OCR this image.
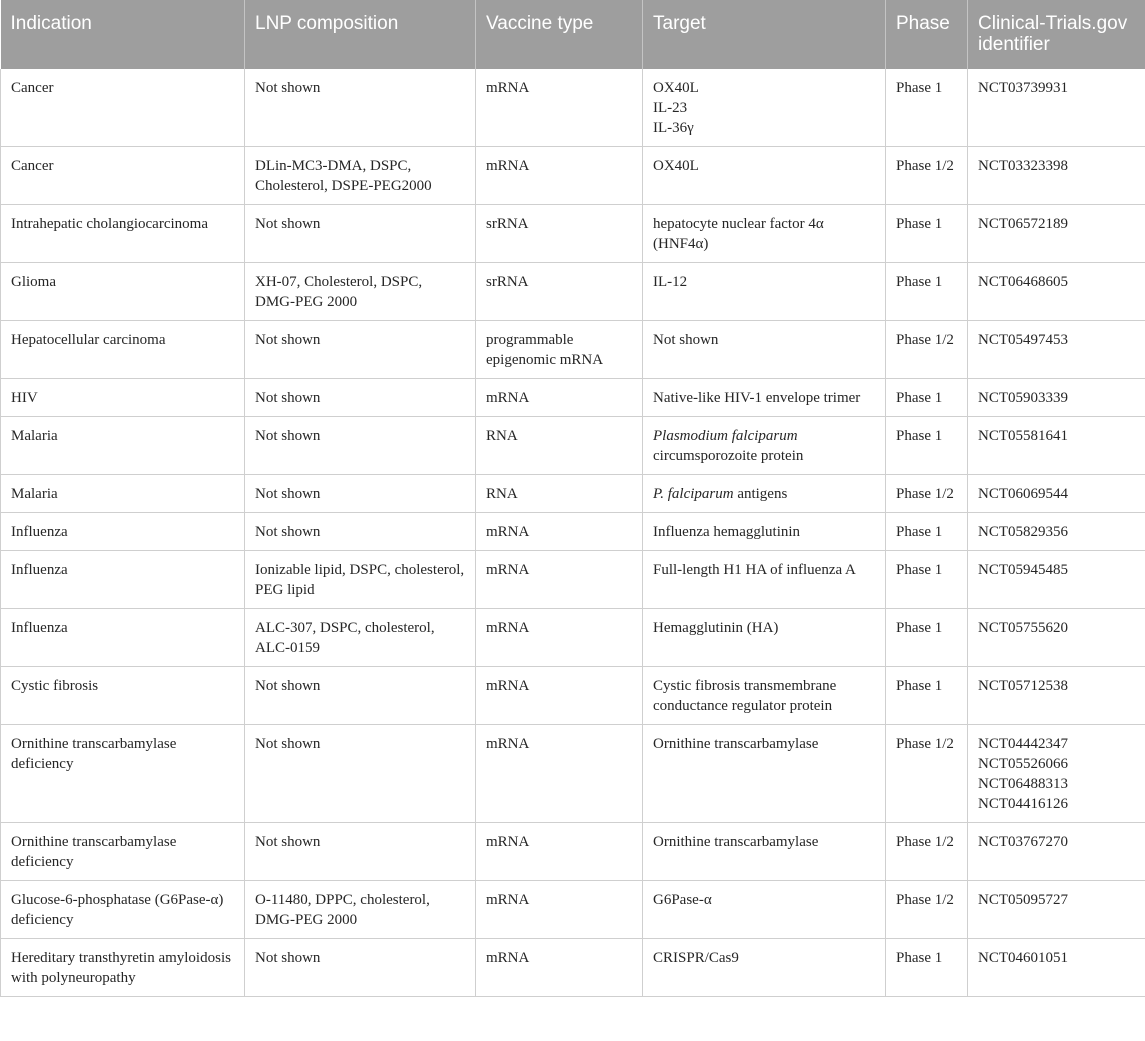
Indication	LNP composition	Vaccine type	Target	Phase	Clinical-Trials.gov identifier
Cancer	Not shown	mRNA	OX40L
IL-23
IL-36γ	Phase 1	NCT03739931

Cancer	DLin-MC3-DMA, DSPC, Cholesterol, DSPE-PEG2000	mRNA	OX40L	Phase 1/2	NCT03323398

Intrahepatic cholangiocarcinoma	Not shown	srRNA	hepatocyte nuclear factor 4α (HNF4α)	Phase 1	NCT06572189

Glioma	XH-07, Cholesterol, DSPC, DMG-PEG 2000	srRNA	IL-12	Phase 1	NCT06468605

Hepatocellular carcinoma	Not shown	programmable epigenomic mRNA	Not shown	Phase 1/2	NCT05497453

HIV	Not shown	mRNA	Native-like HIV-1 envelope trimer	Phase 1	NCT05903339

Malaria	Not shown	RNA	Plasmodium falciparum circumsporozoite protein	Phase 1	NCT05581641

Malaria	Not shown	RNA	P. falciparum antigens	Phase 1/2	NCT06069544

Influenza	Not shown	mRNA	Influenza hemagglutinin	Phase 1	NCT05829356

Influenza	Ionizable lipid, DSPC, cholesterol, PEG lipid	mRNA	Full-length H1 HA of influenza A	Phase 1	NCT05945485

Influenza	ALC-307, DSPC, cholesterol, ALC-0159	mRNA	Hemagglutinin (HA)	Phase 1	NCT05755620

Cystic fibrosis	Not shown	mRNA	Cystic fibrosis transmembrane conductance regulator protein	Phase 1	NCT05712538

Ornithine transcarbamylase deficiency	Not shown	mRNA	Ornithine transcarbamylase	Phase 1/2	NCT04442347
NCT05526066
NCT06488313
NCT04416126

Ornithine transcarbamylase deficiency	Not shown	mRNA	Ornithine transcarbamylase	Phase 1/2	NCT03767270

Glucose-6-phosphatase (G6Pase-α) deficiency	O-11480, DPPC, cholesterol, DMG-PEG 2000	mRNA	G6Pase-α	Phase 1/2	NCT05095727

Hereditary transthyretin amyloidosis with polyneuropathy	Not shown	mRNA	CRISPR/Cas9	Phase 1	NCT04601051
